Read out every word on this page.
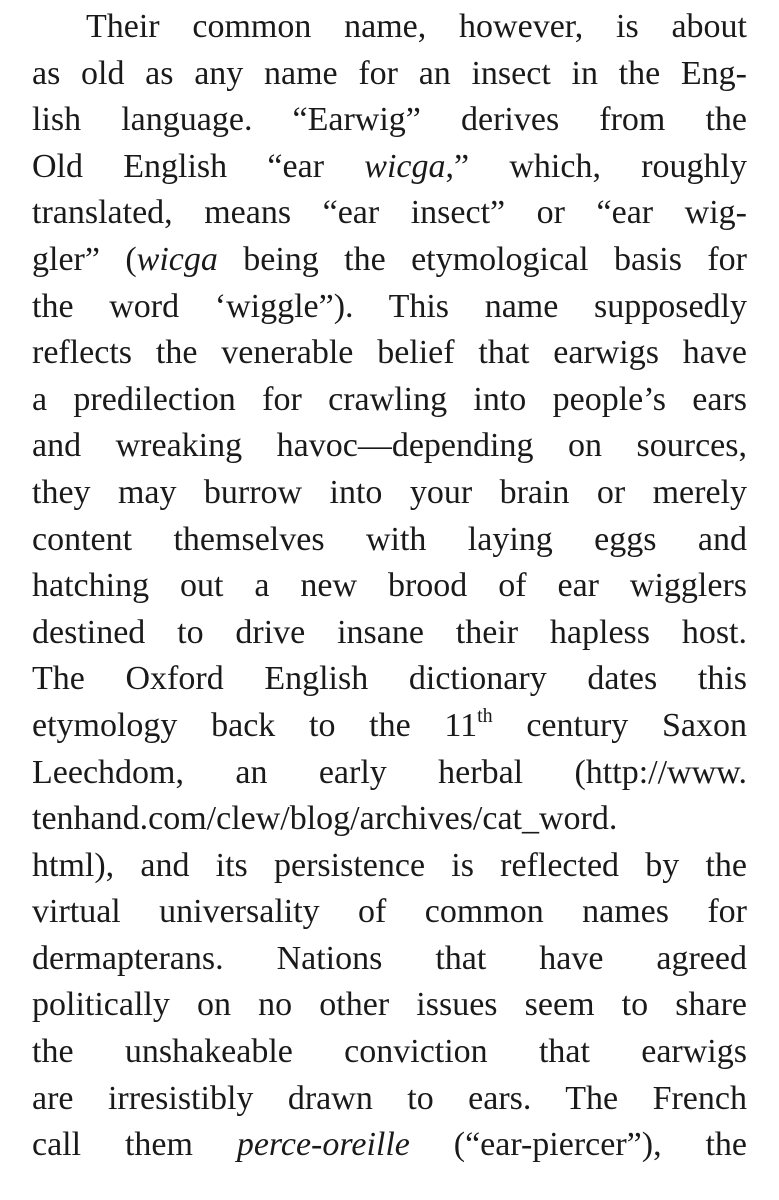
Their common name, however, is about
as old as any name for an insect in the Eng-
lish language. “Earwig” derives from the
Old English “ear wicga,” which, roughly
translated, means “ear insect” or “ear wig-
gler” (wicga being the etymological basis for
the word ‘wiggle”). This name supposedly
reflects the venerable belief that earwigs have
a predilection for crawling into people’s ears
and wreaking havoc—depending on sources,
they may burrow into your brain or merely
content themselves with laying eggs and
hatching out a new brood of ear wigglers
destined to drive insane their hapless host.
The Oxford English dictionary dates this
etymology back to the 11th century Saxon
Leechdom, an early herbal (http://www.
tenhand.com/clew/blog/archives/cat_word.
html), and its persistence is reflected by the
virtual universality of common names for
dermapterans. Nations that have agreed
politically on no other issues seem to share
the unshakeable conviction that earwigs
are irresistibly drawn to ears. The French
call them perce-oreille (“ear-piercer”), the
